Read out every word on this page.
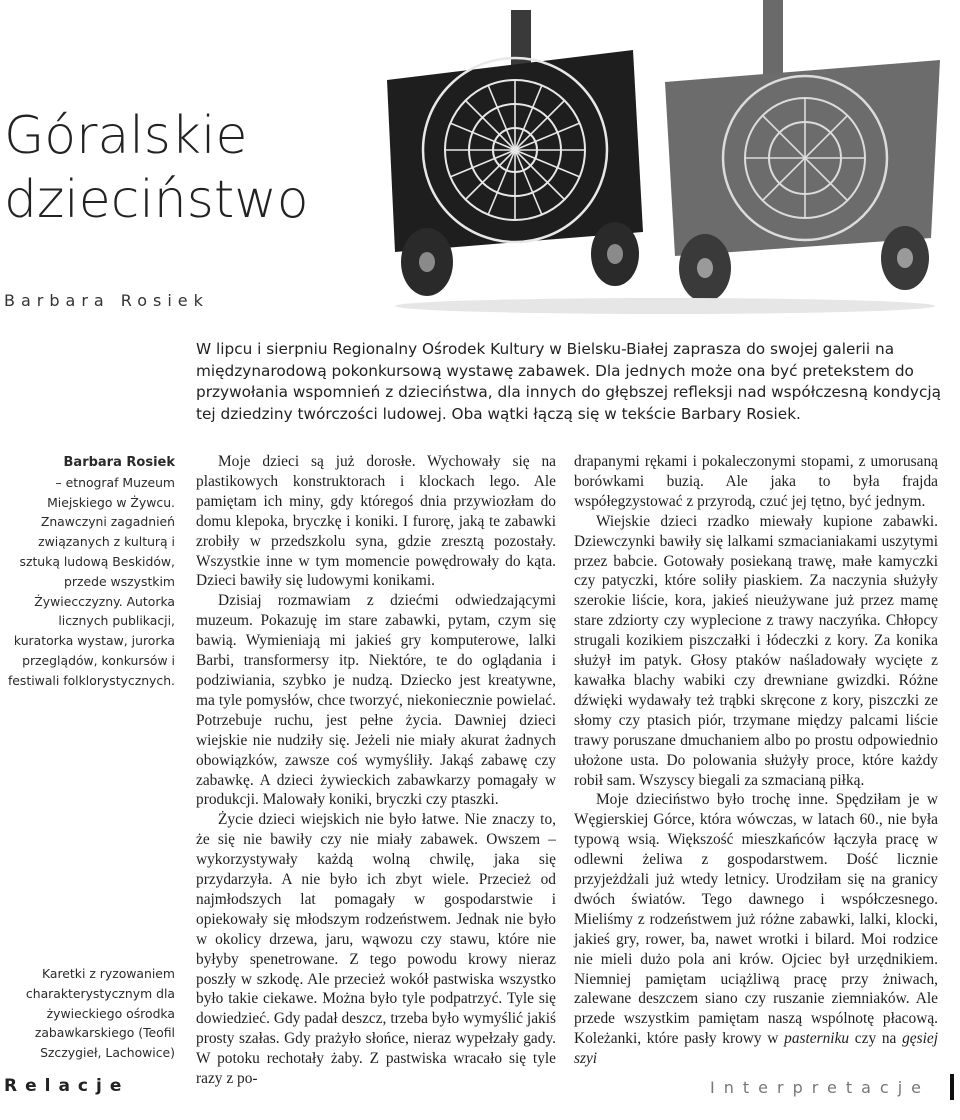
Góralskie
dzieciństwo
Barbara Rosiek

W lipcu i sierpniu Regionalny Ośrodek Kultury w Bielsku-Białej zaprasza do swojej galerii na międzynarodową pokonkursową wystawę zabawek. Dla jednych może ona być pretekstem do przywołania wspomnień z dzieciństwa, dla innych do głębszej refleksji nad współczesną kondycją tej dziedziny twórczości ludowej. Oba wątki łączą się w tekście Barbary Rosiek.

Barbara Rosiek

– etnograf Muzeum Miejskiego w Żywcu. Znawczyni zagadnień związanych z kulturą i sztuką ludową Beskidów, przede wszystkim Żywiecczyzny. Autorka licznych publikacji, kuratorka wystaw, jurorka przeglądów, konkursów i festiwali folklorystycznych.

Karetki z ryzowaniem charakterystycznym dla żywieckiego ośrodka zabawkarskiego (Teofil Szczygieł, Lachowice)

Moje dzieci są już dorosłe. Wychowały się na plastikowych konstruktorach i klockach lego. Ale pamiętam ich miny, gdy któregoś dnia przywiozłam do domu klepoka, bryczkę i koniki. I furorę, jaką te zabawki zrobiły w przedszkolu syna, gdzie zresztą pozostały. Wszystkie inne w tym momencie powędrowały do kąta. Dzieci bawiły się ludowymi konikami.

Dzisiaj rozmawiam z dziećmi odwiedzającymi muzeum. Pokazuję im stare zabawki, pytam, czym się bawią. Wymieniają mi jakieś gry komputerowe, lalki Barbi, transformersy itp. Niektóre, te do oglądania i podziwiania, szybko je nudzą. Dziecko jest kreatywne, ma tyle pomysłów, chce tworzyć, niekoniecznie powielać. Potrzebuje ruchu, jest pełne życia. Dawniej dzieci wiejskie nie nudziły się. Jeżeli nie miały akurat żadnych obowiązków, zawsze coś wymyśliły. Jakąś zabawę czy zabawkę. A dzieci żywieckich zabawkarzy pomagały w produkcji. Malowały koniki, bryczki czy ptaszki.

Życie dzieci wiejskich nie było łatwe. Nie znaczy to, że się nie bawiły czy nie miały zabawek. Owszem – wykorzystywały każdą wolną chwilę, jaka się przydarzyła. A nie było ich zbyt wiele. Przecież od najmłodszych lat pomagały w gospodarstwie i opiekowały się młodszym rodzeństwem. Jednak nie było w okolicy drzewa, jaru, wąwozu czy stawu, które nie byłyby spenetrowane. Z tego powodu krowy nieraz poszły w szkodę. Ale przecież wokół pastwiska wszystko było takie ciekawe. Można było tyle podpatrzyć. Tyle się dowiedzieć. Gdy padał deszcz, trzeba było wymyślić jakiś prosty szałas. Gdy prażyło słońce, nieraz wypełzały gady. W potoku rechotały żaby. Z pastwiska wracało się tyle razy z po-

drapanymi rękami i pokaleczonymi stopami, z umorusaną borówkami buzią. Ale jaka to była frajda współegzystować z przyrodą, czuć jej tętno, być jednym.

Wiejskie dzieci rzadko miewały kupione zabawki. Dziewczynki bawiły się lalkami szmacianiakami uszytymi przez babcie. Gotowały posiekaną trawę, małe kamyczki czy patyczki, które soliły piaskiem. Za naczynia służyły szerokie liście, kora, jakieś nieużywane już przez mamę stare zdziorty czy wyplecione z trawy naczyńka. Chłopcy strugali kozikiem piszczałki i łódeczki z kory. Za konika służył im patyk. Głosy ptaków naśladowały wycięte z kawałka blachy wabiki czy drewniane gwizdki. Różne dźwięki wydawały też trąbki skręcone z kory, piszczki ze słomy czy ptasich piór, trzymane między palcami liście trawy poruszane dmuchaniem albo po prostu odpowiednio ułożone usta. Do polowania służyły proce, które każdy robił sam. Wszyscy biegali za szmacianą piłką.

Moje dzieciństwo było trochę inne. Spędziłam je w Węgierskiej Górce, która wówczas, w latach 60., nie była typową wsią. Większość mieszkańców łączyła pracę w odlewni żeliwa z gospodarstwem. Dość licznie przyjeżdżali już wtedy letnicy. Urodziłam się na granicy dwóch światów. Tego dawnego i współczesnego. Mieliśmy z rodzeństwem już różne zabawki, lalki, klocki, jakieś gry, rower, ba, nawet wrotki i bilard. Moi rodzice nie mieli dużo pola ani krów. Ojciec był urzędnikiem. Niemniej pamiętam uciążliwą pracę przy żniwach, zalewane deszczem siano czy ruszanie ziemniaków. Ale przede wszystkim pamiętam naszą wspólnotę płacową. Koleżanki, które pasły krowy w pasterniku czy na gęsiej szyi

Relacje	Interpretacje
